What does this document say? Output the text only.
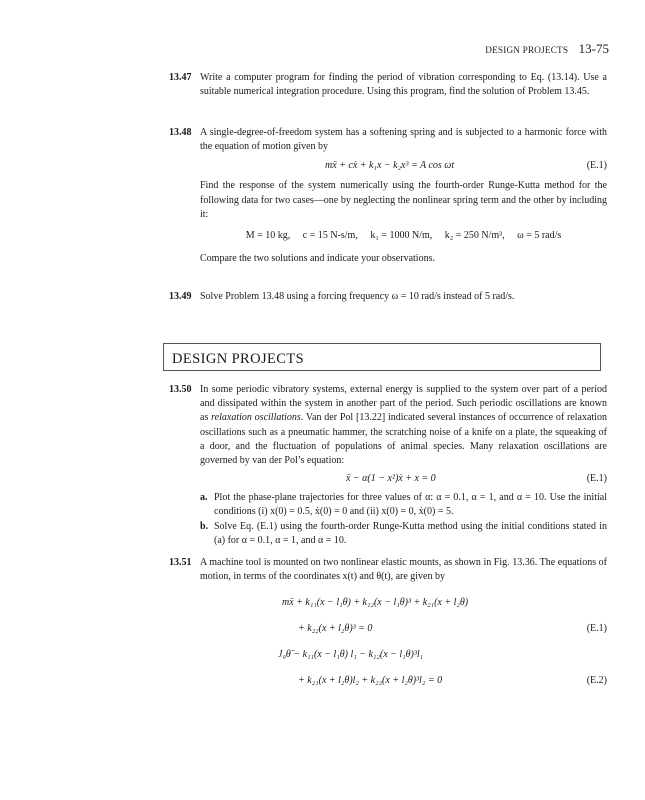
DESIGN PROJECTS 13-75
13.47 Write a computer program for finding the period of vibration corresponding to Eq. (13.14). Use a suitable numerical integration procedure. Using this program, find the solution of Problem 13.45.

13.48 A single-degree-of-freedom system has a softening spring and is subjected to a harmonic force with the equation of motion given by

mẍ + cẋ + k₁x − k₂x³ = A cos ωt	(E.1)

Find the response of the system numerically using the fourth-order Runge-Kutta method for the following data for two cases—one by neglecting the nonlinear spring term and the other by including it:

M = 10 kg, c = 15 N-s/m, k₁ = 1000 N/m, k₂ = 250 N/m³, ω = 5 rad/s

Compare the two solutions and indicate your observations.

13.49 Solve Problem 13.48 using a forcing frequency ω = 10 rad/s instead of 5 rad/s.

DESIGN PROJECTS
13.50 In some periodic vibratory systems, external energy is supplied to the system over part of a period and dissipated within the system in another part of the period. Such periodic oscillations are known as relaxation oscillations. Van der Pol [13.22] indicated several instances of occurrence of relaxation oscillations such as a pneumatic hammer, the scratching noise of a knife on a plate, the squeaking of a door, and the fluctuation of populations of animal species. Many relaxation oscillations are governed by van der Pol’s equation:

ẍ − α(1 − x²)ẋ + x = 0	(E.1)
a. Plot the phase-plane trajectories for three values of α: α = 0.1, α = 1, and α = 10. Use the initial conditions (i) x(0) = 0.5, ẋ(0) = 0 and (ii) x(0) = 0, ẋ(0) = 5.
b. Solve Eq. (E.1) using the fourth-order Runge-Kutta method using the initial conditions stated in (a) for α = 0.1, α = 1, and α = 10.
13.51 A machine tool is mounted on two nonlinear elastic mounts, as shown in Fig. 13.36. The equations of motion, in terms of the coordinates x(t) and θ(t), are given by

mẍ + k₁₁(x − l₁θ) + k₁₂(x − l₁θ)³ + k₂₁(x + l₂θ)
+ k₂₂(x + l₂θ)³ = 0	(E.1)
J₀θ̈ − k₁₁(x − l₁θ) l₁ − k₁₂(x − l₁θ)³l₁
+ k₂₁(x + l₂θ)l₂ + k₂₂(x + l₂θ)³l₂ = 0	(E.2)
